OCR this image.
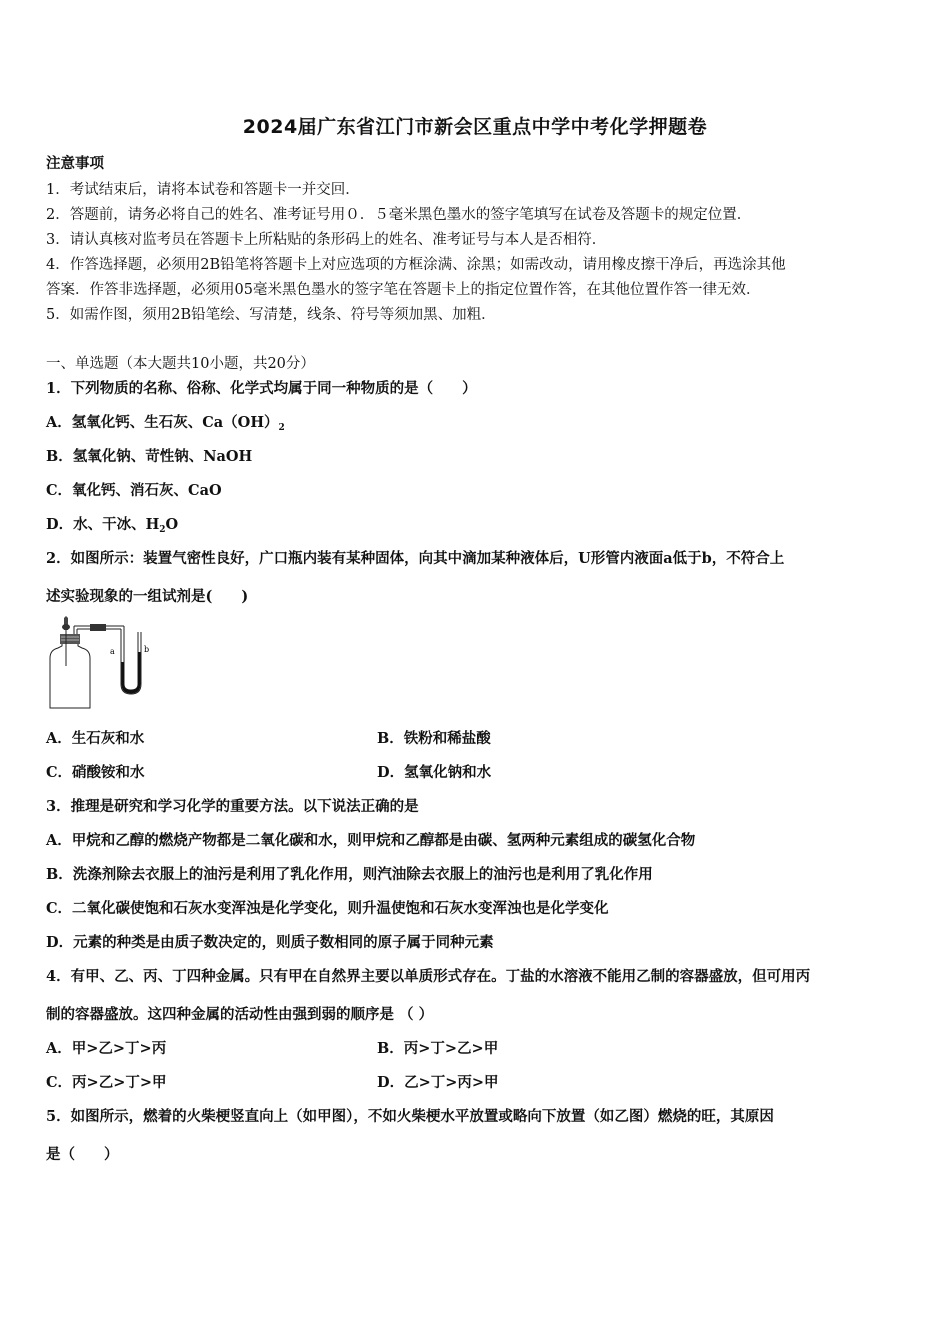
2024届广东省江门市新会区重点中学中考化学押题卷
注意事项
1．考试结束后，请将本试卷和答题卡一并交回．
2．答题前，请务必将自己的姓名、准考证号用０．５毫米黑色墨水的签字笔填写在试卷及答题卡的规定位置．
3．请认真核对监考员在答题卡上所粘贴的条形码上的姓名、准考证号与本人是否相符．
4．作答选择题，必须用2B铅笔将答题卡上对应选项的方框涂满、涂黑；如需改动，请用橡皮擦干净后，再选涂其他
答案．作答非选择题，必须用05毫米黑色墨水的签字笔在答题卡上的指定位置作答，在其他位置作答一律无效．
5．如需作图，须用2B铅笔绘、写清楚，线条、符号等须加黑、加粗．
一、单选题（本大题共10小题，共20分）
1．下列物质的名称、俗称、化学式均属于同一种物质的是（　　）
A．氢氧化钙、生石灰、$Ca(OH)_2$
B．氢氧化钠、苛性钠、NaOH
C．氧化钙、消石灰、CaO
D．水、干冰、$H_2O$
2．如图所示：装置气密性良好，广口瓶内装有某种固体，向其中滴加某种液体后，U形管内液面a低于b，不符合上
述实验现象的一组试剂是(　　)
a	b
A．生石灰和水	B．铁粉和稀盐酸
C．硝酸铵和水	D．氢氧化钠和水
3．推理是研究和学习化学的重要方法。以下说法正确的是
A．甲烷和乙醇的燃烧产物都是二氧化碳和水，则甲烷和乙醇都是由碳、氢两种元素组成的碳氢化合物
B．洗涤剂除去衣服上的油污是利用了乳化作用，则汽油除去衣服上的油污也是利用了乳化作用
C．二氧化碳使饱和石灰水变浑浊是化学变化，则升温使饱和石灰水变浑浊也是化学变化
D．元素的种类是由质子数决定的，则质子数相同的原子属于同种元素
4．有甲、乙、丙、丁四种金属。只有甲在自然界主要以单质形式存在。丁盐的水溶液不能用乙制的容器盛放，但可用丙
制的容器盛放。这四种金属的活动性由强到弱的顺序是 （ ）
A．甲>乙>丁>丙	B．丙>丁>乙>甲
C．丙>乙>丁>甲	D．乙>丁>丙>甲
5．如图所示，燃着的火柴梗竖直向上（如甲图），不如火柴梗水平放置或略向下放置（如乙图）燃烧的旺，其原因
是（　　）
